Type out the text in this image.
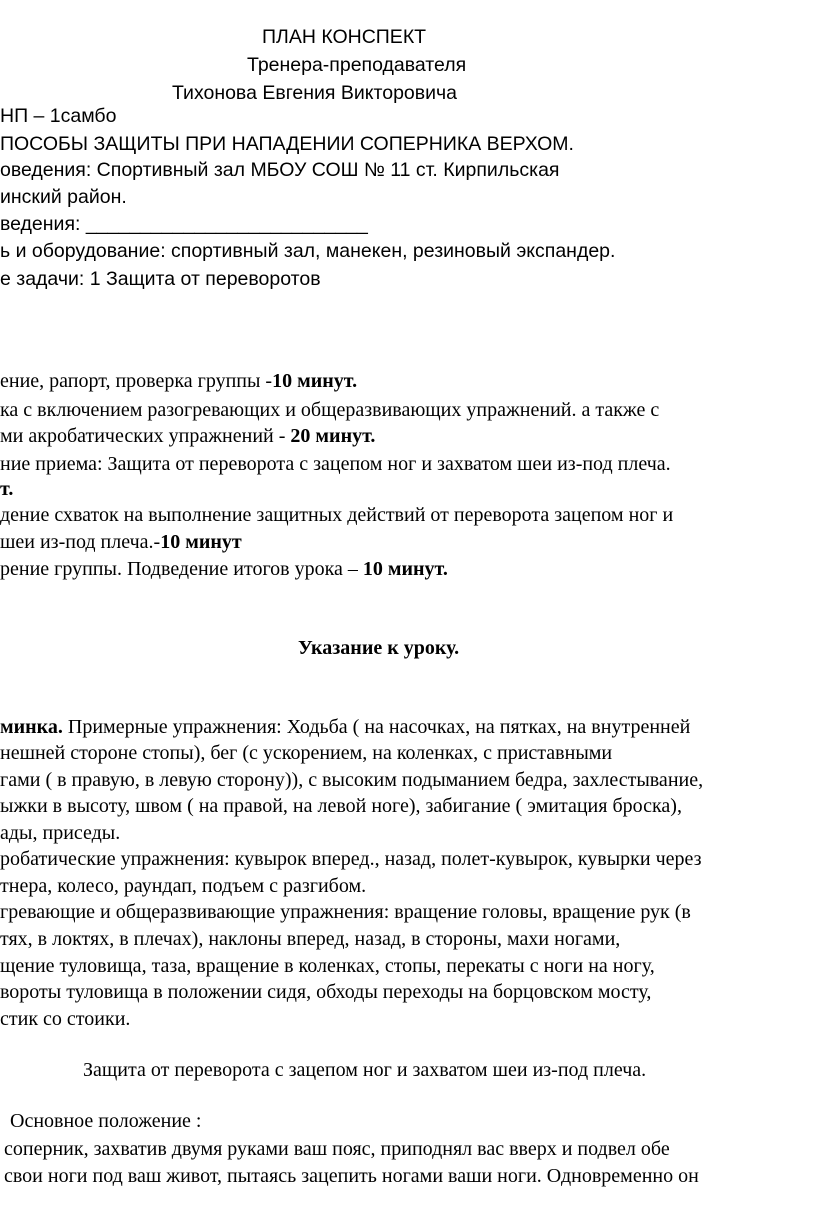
ПЛАН КОНСПЕКТ
Тренера-преподавателя
Тихонова Евгения Викторовича
НП – 1самбо
ПОСОБЫ ЗАЩИТЫ ПРИ НАПАДЕНИИ СОПЕРНИКА ВЕРХОМ.
оведения: Спортивный зал МБОУ СОШ № 11 ст. Кирпильская
инский район.
ведения: __________________________
ь и оборудование: спортивный зал, манекен, резиновый экспандер.
е задачи: 1 Защита от переворотов
ение, рапорт, проверка группы -10 минут.
ка с включением разогревающих и общеразвивающих упражнений. а также с
ми акробатических упражнений - 20 минут.
ние приема: Защита от переворота с зацепом ног и захватом шеи из-под плеча.
т.
дение схваток на выполнение защитных действий от переворота зацепом ног и
шеи из-под плеча.-10 минут
рение группы. Подведение итогов урока – 10 минут.
Указание к уроку.
минка. Примерные упражнения: Ходьба ( на насочках, на пятках, на внутренней
нешней стороне стопы), бег (с ускорением, на коленках, с приставными
гами ( в правую, в левую сторону)), с высоким подыманием бедра, захлестывание,
ыжки в высоту, швом ( на правой, на левой ноге), забигание ( эмитация броска),
ады, приседы.
робатические упражнения: кувырок вперед., назад, полет-кувырок, кувырки через
тнера, колесо, раундап, подъем с разгибом.
гревающие и общеразвивающие упражнения: вращение головы, вращение рук (в
тях, в локтях, в плечах), наклоны вперед, назад, в стороны, махи ногами,
щение туловища, таза, вращение в коленках, стопы, перекаты с ноги на ногу,
вороты туловища в положении сидя, обходы переходы на борцовском мосту,
стик со стоики.
Защита от переворота с зацепом ног и захватом шеи из-под плеча.
Основное положение :
соперник, захватив двумя руками ваш пояс, приподнял вас вверх и подвел обе
свои ноги под ваш живот, пытаясь зацепить ногами ваши ноги. Одновременно он
